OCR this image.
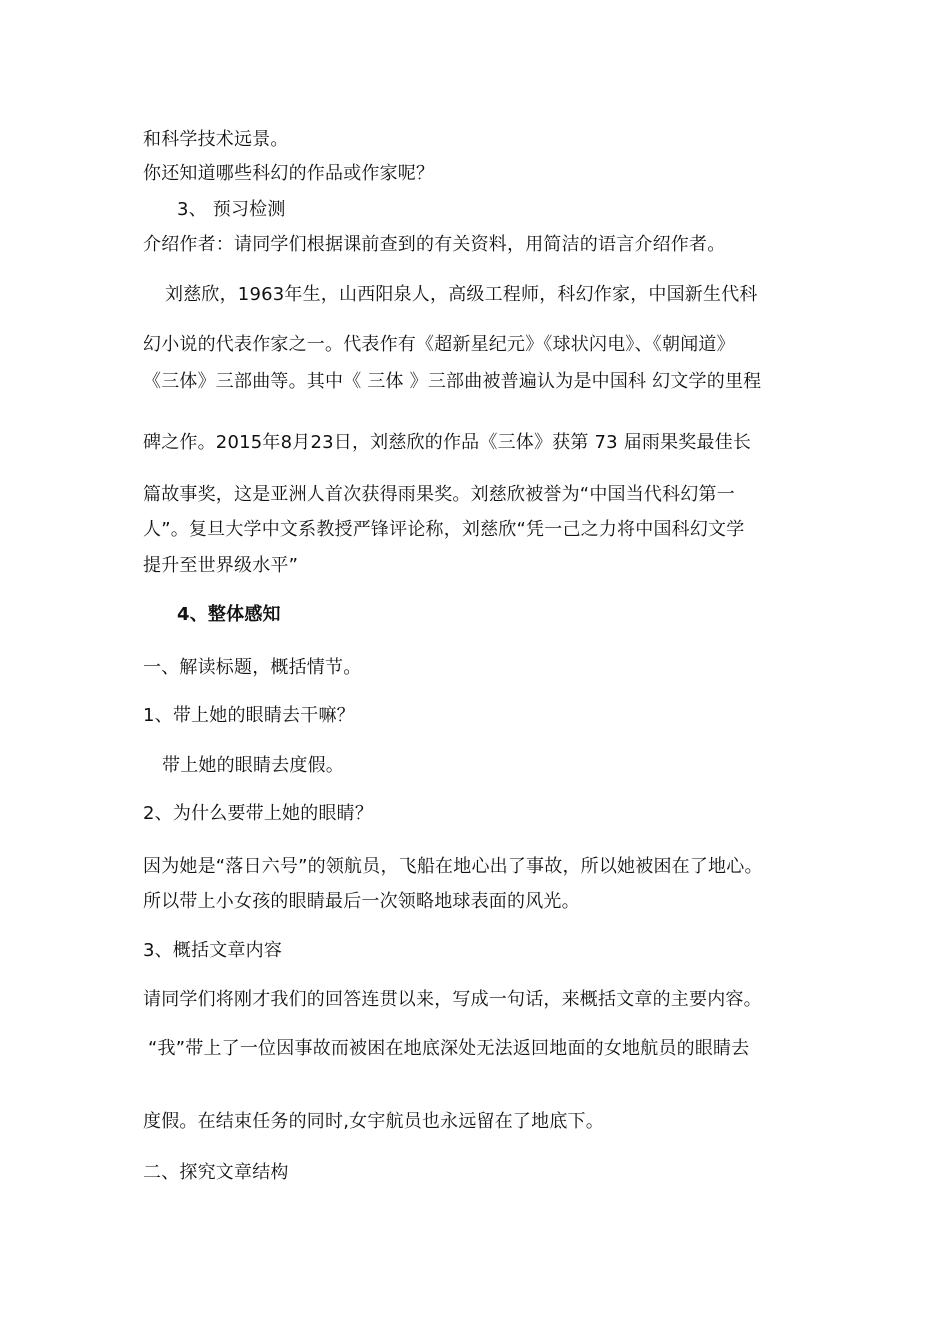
和科学技术远景。
你还知道哪些科幻的作品或作家呢？
3、 预习检测
介绍作者：请同学们根据课前查到的有关资料，用简洁的语言介绍作者。
刘慈欣，1963年生，山西阳泉人，高级工程师，科幻作家，中国新生代科
幻小说的代表作家之一。代表作有《超新星纪元》《球状闪电》、《朝闻道》
《三体》三部曲等。其中《 三体 》三部曲被普遍认为是中国科 幻文学的里程
碑之作。2015年8月23日，刘慈欣的作品《三体》获第 73 届雨果奖最佳长
篇故事奖，这是亚洲人首次获得雨果奖。刘慈欣被誉为“中国当代科幻第一
人”。复旦大学中文系教授严锋评论称，刘慈欣“凭一己之力将中国科幻文学
提升至世界级水平”
4、整体感知
一、解读标题，概括情节。
1、带上她的眼睛去干嘛？
带上她的眼睛去度假。
2、为什么要带上她的眼睛？
因为她是“落日六号”的领航员，飞船在地心出了事故，所以她被困在了地心。
所以带上小女孩的眼睛最后一次领略地球表面的风光。
3、概括文章内容
请同学们将刚才我们的回答连贯以来，写成一句话，来概括文章的主要内容。
“我”带上了一位因事故而被困在地底深处无法返回地面的女地航员的眼睛去
度假。在结束任务的同时,女宇航员也永远留在了地底下。
二、探究文章结构
